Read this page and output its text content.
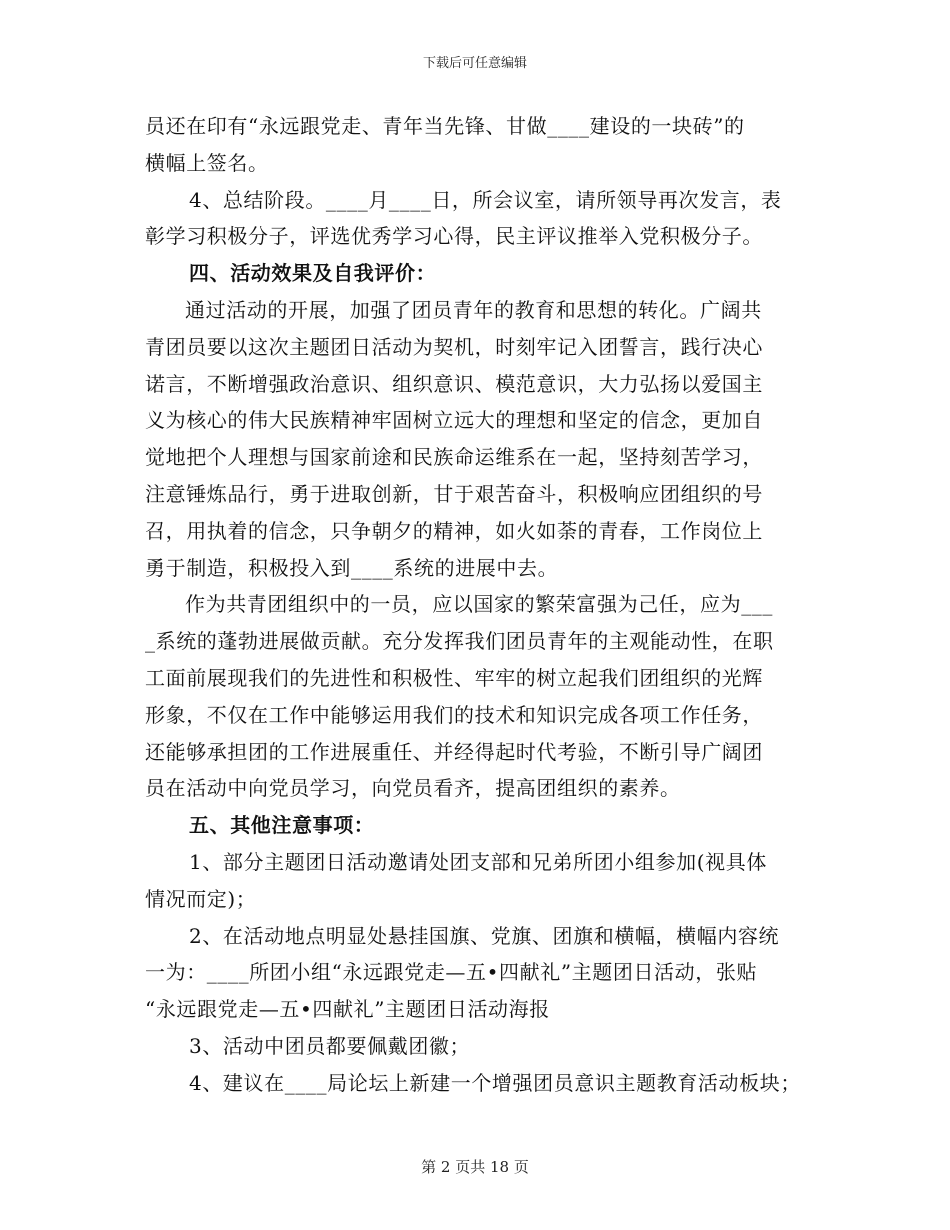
下载后可任意编辑
员还在印有“永远跟党走、青年当先锋、甘做____建设的一块砖”的
横幅上签名。
4、总结阶段。____月____日，所会议室，请所领导再次发言，表
彰学习积极分子，评选优秀学习心得，民主评议推举入党积极分子。
四、活动效果及自我评价：
通过活动的开展，加强了团员青年的教育和思想的转化。广阔共
青团员要以这次主题团日活动为契机，时刻牢记入团誓言，践行决心
诺言，不断增强政治意识、组织意识、模范意识，大力弘扬以爱国主
义为核心的伟大民族精神牢固树立远大的理想和坚定的信念，更加自
觉地把个人理想与国家前途和民族命运维系在一起，坚持刻苦学习，
注意锤炼品行，勇于进取创新，甘于艰苦奋斗，积极响应团组织的号
召，用执着的信念，只争朝夕的精神，如火如荼的青春，工作岗位上
勇于制造，积极投入到____系统的进展中去。
作为共青团组织中的一员，应以国家的繁荣富强为己任，应为___
_系统的蓬勃进展做贡献。充分发挥我们团员青年的主观能动性，在职
工面前展现我们的先进性和积极性、牢牢的树立起我们团组织的光辉
形象，不仅在工作中能够运用我们的技术和知识完成各项工作任务，
还能够承担团的工作进展重任、并经得起时代考验，不断引导广阔团
员在活动中向党员学习，向党员看齐，提高团组织的素养。
五、其他注意事项：
1、部分主题团日活动邀请处团支部和兄弟所团小组参加(视具体
情况而定)；
2、在活动地点明显处悬挂国旗、党旗、团旗和横幅，横幅内容统
一为：____所团小组“永远跟党走—五•四献礼”主题团日活动，张贴
“永远跟党走—五•四献礼”主题团日活动海报
3、活动中团员都要佩戴团徽；
4、建议在____局论坛上新建一个增强团员意识主题教育活动板块；
第 2 页共 18 页
